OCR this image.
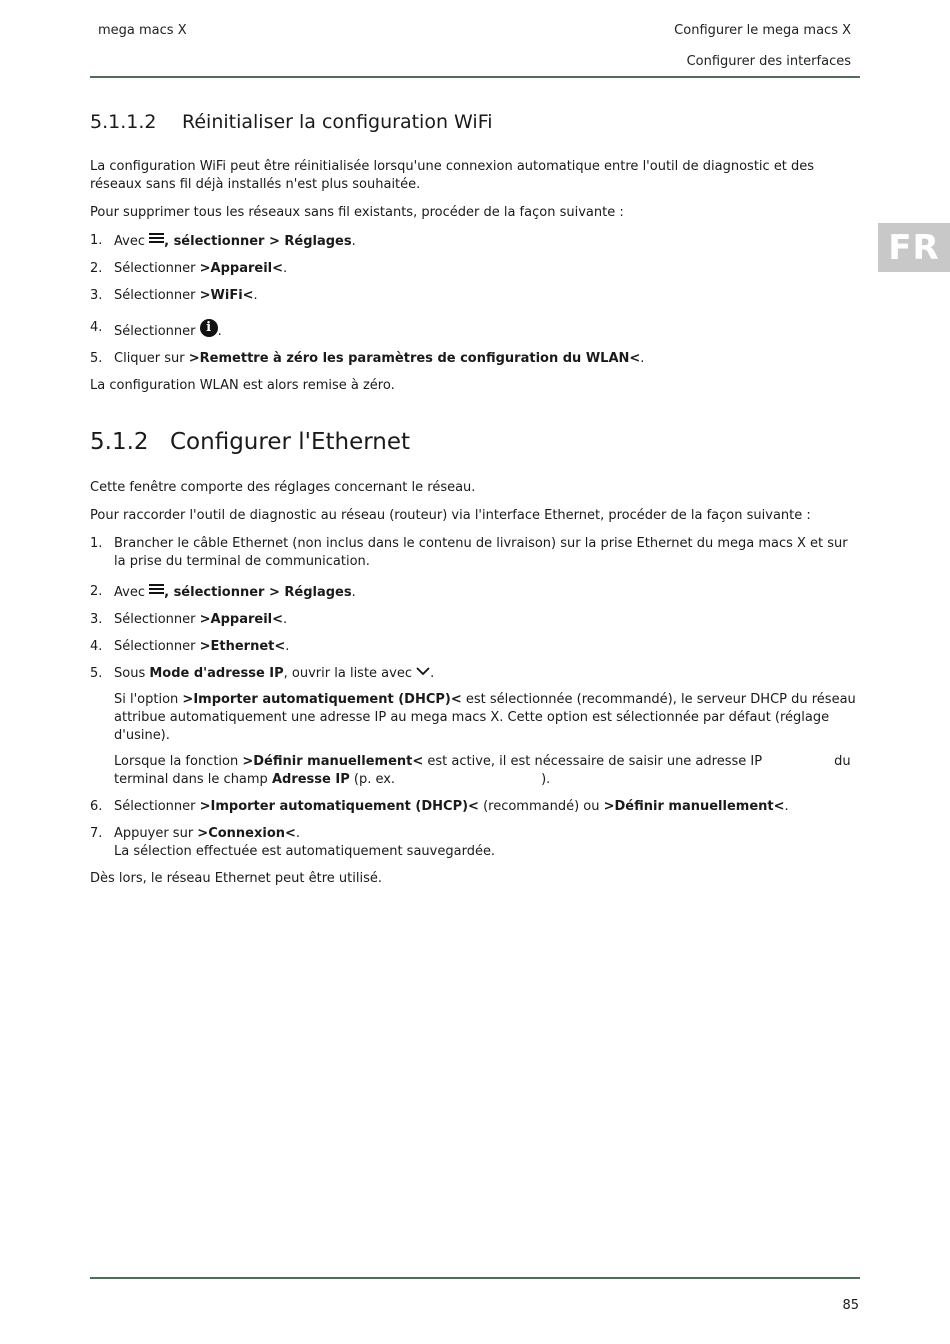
mega macs X	Configurer le mega macs X
Configurer des interfaces
FR
5.1.1.2 Réinitialiser la configuration WiFi

La configuration WiFi peut être réinitialisée lorsqu'une connexion automatique entre l'outil de diagnostic et des réseaux sans fil déjà installés n'est plus souhaitée.

Pour supprimer tous les réseaux sans fil existants, procéder de la façon suivante :

1. Avec
, sélectionner > Réglages.
2. Sélectionner >Appareil<.
3. Sélectionner >WiFi<.
4. Sélectionner i .
5. Cliquer sur >Remettre à zéro les paramètres de configuration du WLAN<.

La configuration WLAN est alors remise à zéro.

5.1.2 Configurer l'Ethernet

Cette fenêtre comporte des réglages concernant le réseau.

Pour raccorder l'outil de diagnostic au réseau (routeur) via l'interface Ethernet, procéder de la façon suivante :

1. Brancher le câble Ethernet (non inclus dans le contenu de livraison) sur la prise Ethernet du mega macs X et sur la prise du terminal de communication.
2. Avec
, sélectionner > Réglages.
3. Sélectionner >Appareil<.
4. Sélectionner >Ethernet<.
5. Sous Mode d'adresse IP, ouvrir la liste avec .
Si l'option >Importer automatiquement (DHCP)< est sélectionnée (recommandé), le serveur DHCP du réseau attribue automatiquement une adresse IP au mega macs X. Cette option est sélectionnée par défaut (réglage d'usine).
Lorsque la fonction >Définir manuellement< est active, il est nécessaire de saisir une adresse IP	du
terminal dans le champ Adresse IP (p. ex.	).
6. Sélectionner >Importer automatiquement (DHCP)< (recommandé) ou >Définir manuellement<.
7. Appuyer sur >Connexion<.
La sélection effectuée est automatiquement sauvegardée.

Dès lors, le réseau Ethernet peut être utilisé.

85
